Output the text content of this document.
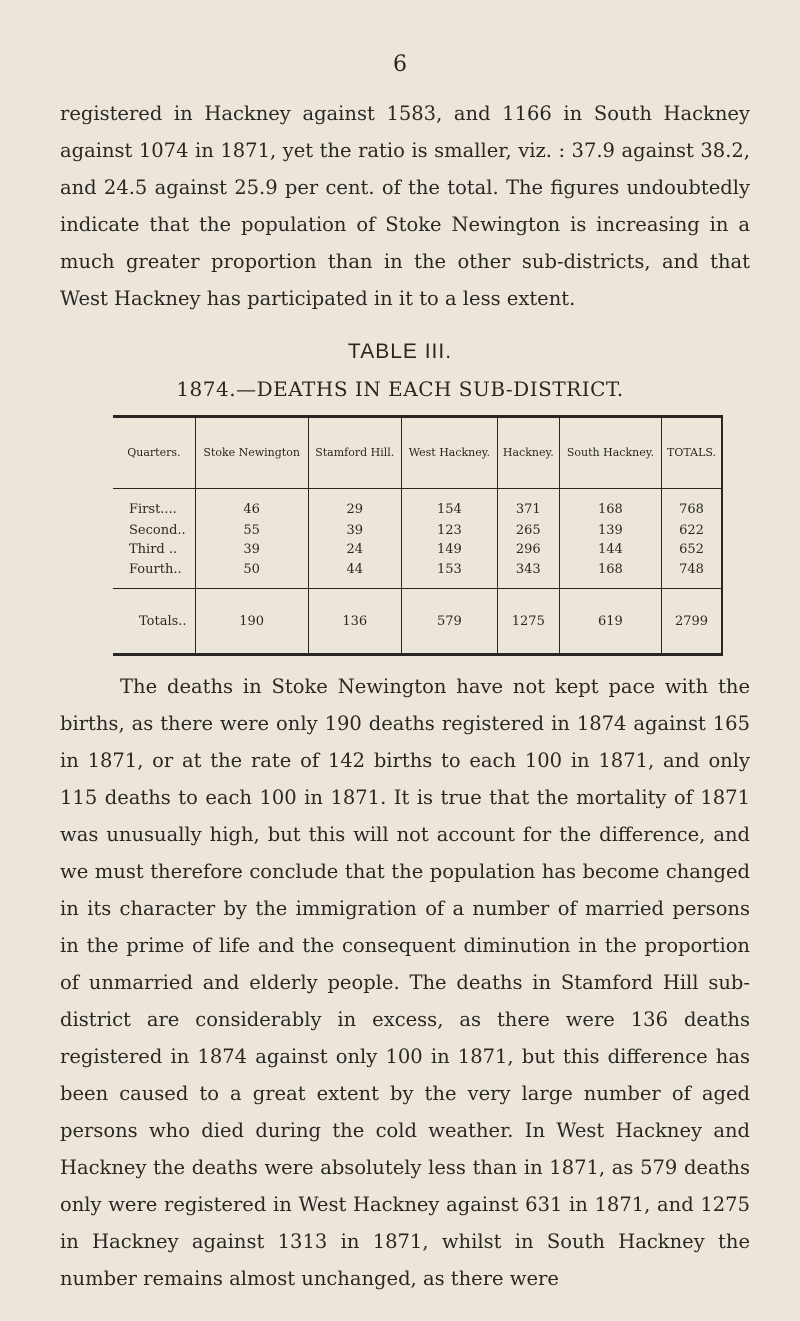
6

registered in Hackney against 1583, and 1166 in South Hackney against 1074 in 1871, yet the ratio is smaller, viz. : 37.9 against 38.2, and 24.5 against 25.9 per cent. of the total. The figures undoubtedly indicate that the population of Stoke Newington is increasing in a much greater proportion than in the other sub-districts, and that West Hackney has participated in it to a less extent.

TABLE III.
1874.—DEATHS IN EACH SUB-DISTRICT.
Quarters.	Stoke Newington	Stamford Hill.	West Hackney.	Hackney.	South Hackney.	TOTALS.
First....	46	29	154	371	168	768
Second..	55	39	123	265	139	622
Third ..	39	24	149	296	144	652
Fourth..	50	44	153	343	168	748
Totals..	190	136	579	1275	619	2799

The deaths in Stoke Newington have not kept pace with the births, as there were only 190 deaths registered in 1874 against 165 in 1871, or at the rate of 142 births to each 100 in 1871, and only 115 deaths to each 100 in 1871. It is true that the mortality of 1871 was unusually high, but this will not account for the difference, and we must therefore conclude that the population has become changed in its character by the immigration of a number of married persons in the prime of life and the consequent diminution in the proportion of unmarried and elderly people. The deaths in Stamford Hill sub-district are considerably in excess, as there were 136 deaths registered in 1874 against only 100 in 1871, but this difference has been caused to a great extent by the very large number of aged persons who died during the cold weather. In West Hackney and Hackney the deaths were absolutely less than in 1871, as 579 deaths only were registered in West Hackney against 631 in 1871, and 1275 in Hackney against 1313 in 1871, whilst in South Hackney the number remains almost unchanged, as there were
